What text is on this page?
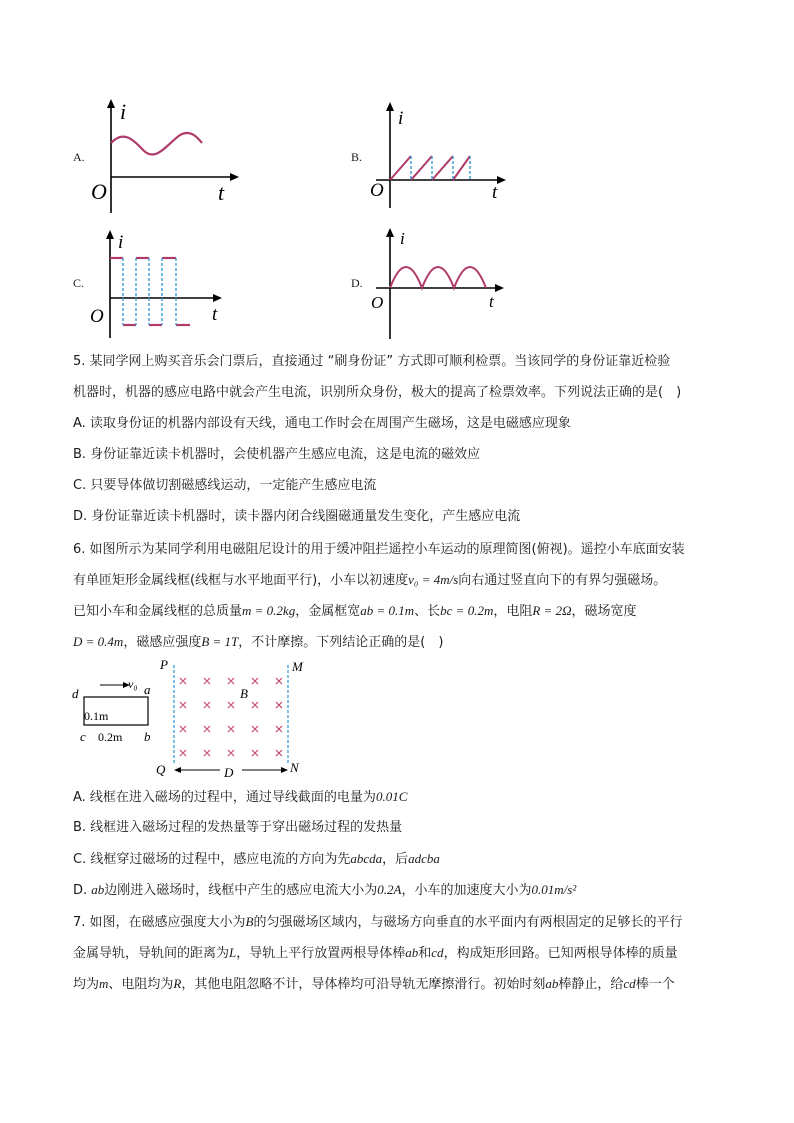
A.
i
O	t
B.
i
O	t
C.
i
O	t
D.
i
O	t
5. 某同学网上购买音乐会门票后，直接通过 “刷身份证” 方式即可顺利检票。当该同学的身份证靠近检验
机器时，机器的感应电路中就会产生电流，识别所众身份，极大的提高了检票效率。下列说法正确的是(　)
A. 读取身份证的机器内部设有天线，通电工作时会在周围产生磁场，这是电磁感应现象
B. 身份证靠近读卡机器时，会使机器产生感应电流，这是电流的磁效应
C. 只要导体做切割磁感线运动，一定能产生感应电流
D. 身份证靠近读卡机器时，读卡器内闭合线圈磁通量发生变化，产生感应电流
6. 如图所示为某同学利用电磁阻尼设计的用于缓冲阻拦遥控小车运动的原理简图(俯视)。遥控小车底面安装
有单匝矩形金属线框(线框与水平地面平行)，小车以初速度v₀ = 4m/s向右通过竖直向下的有界匀强磁场。
已知小车和金属线框的总质量m = 0.2kg，金属框宽ab = 0.1m、长bc = 0.2m，电阻R = 2Ω，磁场宽度
D = 0.4m，磁感应强度B = 1T，不计摩擦。下列结论正确的是(　)
d	a
v₀
0.1m
c 0.2m b
P	M
Q	N
B
D
A. 线框在进入磁场的过程中，通过导线截面的电量为0.01C
B. 线框进入磁场过程的发热量等于穿出磁场过程的发热量
C. 线框穿过磁场的过程中，感应电流的方向为先abcda，后adcba
D. ab边刚进入磁场时，线框中产生的感应电流大小为0.2A，小车的加速度大小为0.01m/s²
7. 如图，在磁感应强度大小为B的匀强磁场区域内，与磁场方向垂直的水平面内有两根固定的足够长的平行
金属导轨，导轨间的距离为L，导轨上平行放置两根导体棒ab和cd，构成矩形回路。已知两根导体棒的质量
均为m、电阻均为R，其他电阻忽略不计，导体棒均可沿导轨无摩擦滑行。初始时刻ab棒静止，给cd棒一个
